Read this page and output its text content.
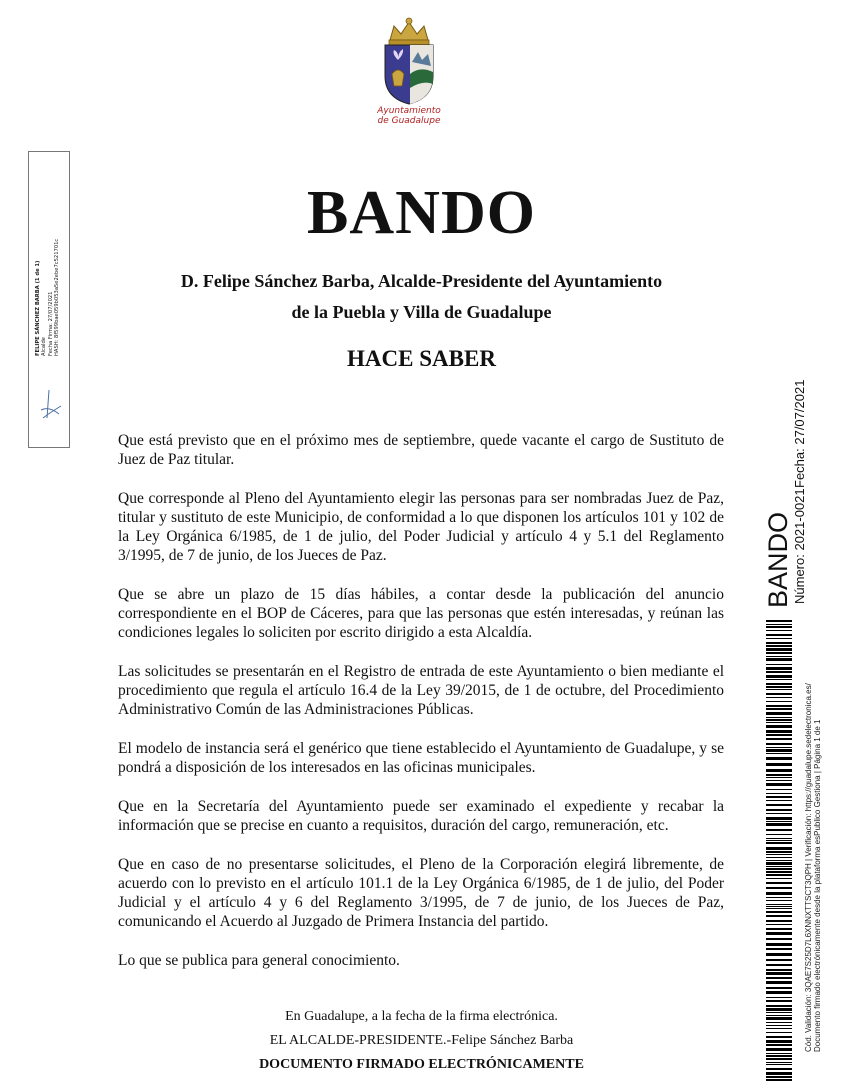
Ayuntamiento
de Guadalupe
BANDO
D. Felipe Sánchez Barba, Alcalde-Presidente del Ayuntamiento
de la Puebla y Villa de Guadalupe
HACE SABER

Que está previsto que en el próximo mes de septiembre, quede vacante el cargo de Sustituto de Juez de Paz titular.

Que corresponde al Pleno del Ayuntamiento elegir las personas para ser nombradas Juez de Paz, titular y sustituto de este Municipio, de conformidad a lo que disponen los artículos 101 y 102 de la Ley Orgánica 6/1985, de 1 de julio, del Poder Judicial y artículo 4 y 5.1 del Reglamento 3/1995, de 7 de junio, de los Jueces de Paz.

Que se abre un plazo de 15 días hábiles, a contar desde la publicación del anuncio correspondiente en el BOP de Cáceres, para que las personas que estén interesadas, y reúnan las condiciones legales lo soliciten por escrito dirigido a esta Alcaldía.

Las solicitudes se presentarán en el Registro de entrada de este Ayuntamiento o bien mediante el procedimiento que regula el artículo 16.4 de la Ley 39/2015, de 1 de octubre, del Procedimiento Administrativo Común de las Administraciones Públicas.

El modelo de instancia será el genérico que tiene establecido el Ayuntamiento de Guadalupe, y se pondrá a disposición de los interesados en las oficinas municipales.

Que en la Secretaría del Ayuntamiento puede ser examinado el expediente y recabar la información que se precise en cuanto a requisitos, duración del cargo, remuneración, etc.

Que en caso de no presentarse solicitudes, el Pleno de la Corporación elegirá libremente, de acuerdo con lo previsto en el artículo 101.1 de la Ley Orgánica 6/1985, de 1 de julio, del Poder Judicial y el artículo 4 y 6 del Reglamento 3/1995, de 7 de junio, de los Jueces de Paz, comunicando el Acuerdo al Juzgado de Primera Instancia del partido.

Lo que se publica para general conocimiento.

En Guadalupe, a la fecha de la firma electrónica.
EL ALCALDE-PRESIDENTE.-Felipe Sánchez Barba
DOCUMENTO FIRMADO ELECTRÓNICAMENTE
FELIPE SÁNCHEZ BARBA (1 de 1) Alcalde Fecha Firma: 27/07/2021 HASH: 8f599bae059b053a5e2ebe7c521701c
BANDO Número: 2021-0021
Fecha: 27/07/2021
Cód. Validación: 3QAE7S25D7L6XNNXTTSCT3QPH | Verificación: https://guadalupe.sedelectronica.es/ Documento firmado electrónicamente desde la plataforma esPublico Gestiona | Página 1 de 1
